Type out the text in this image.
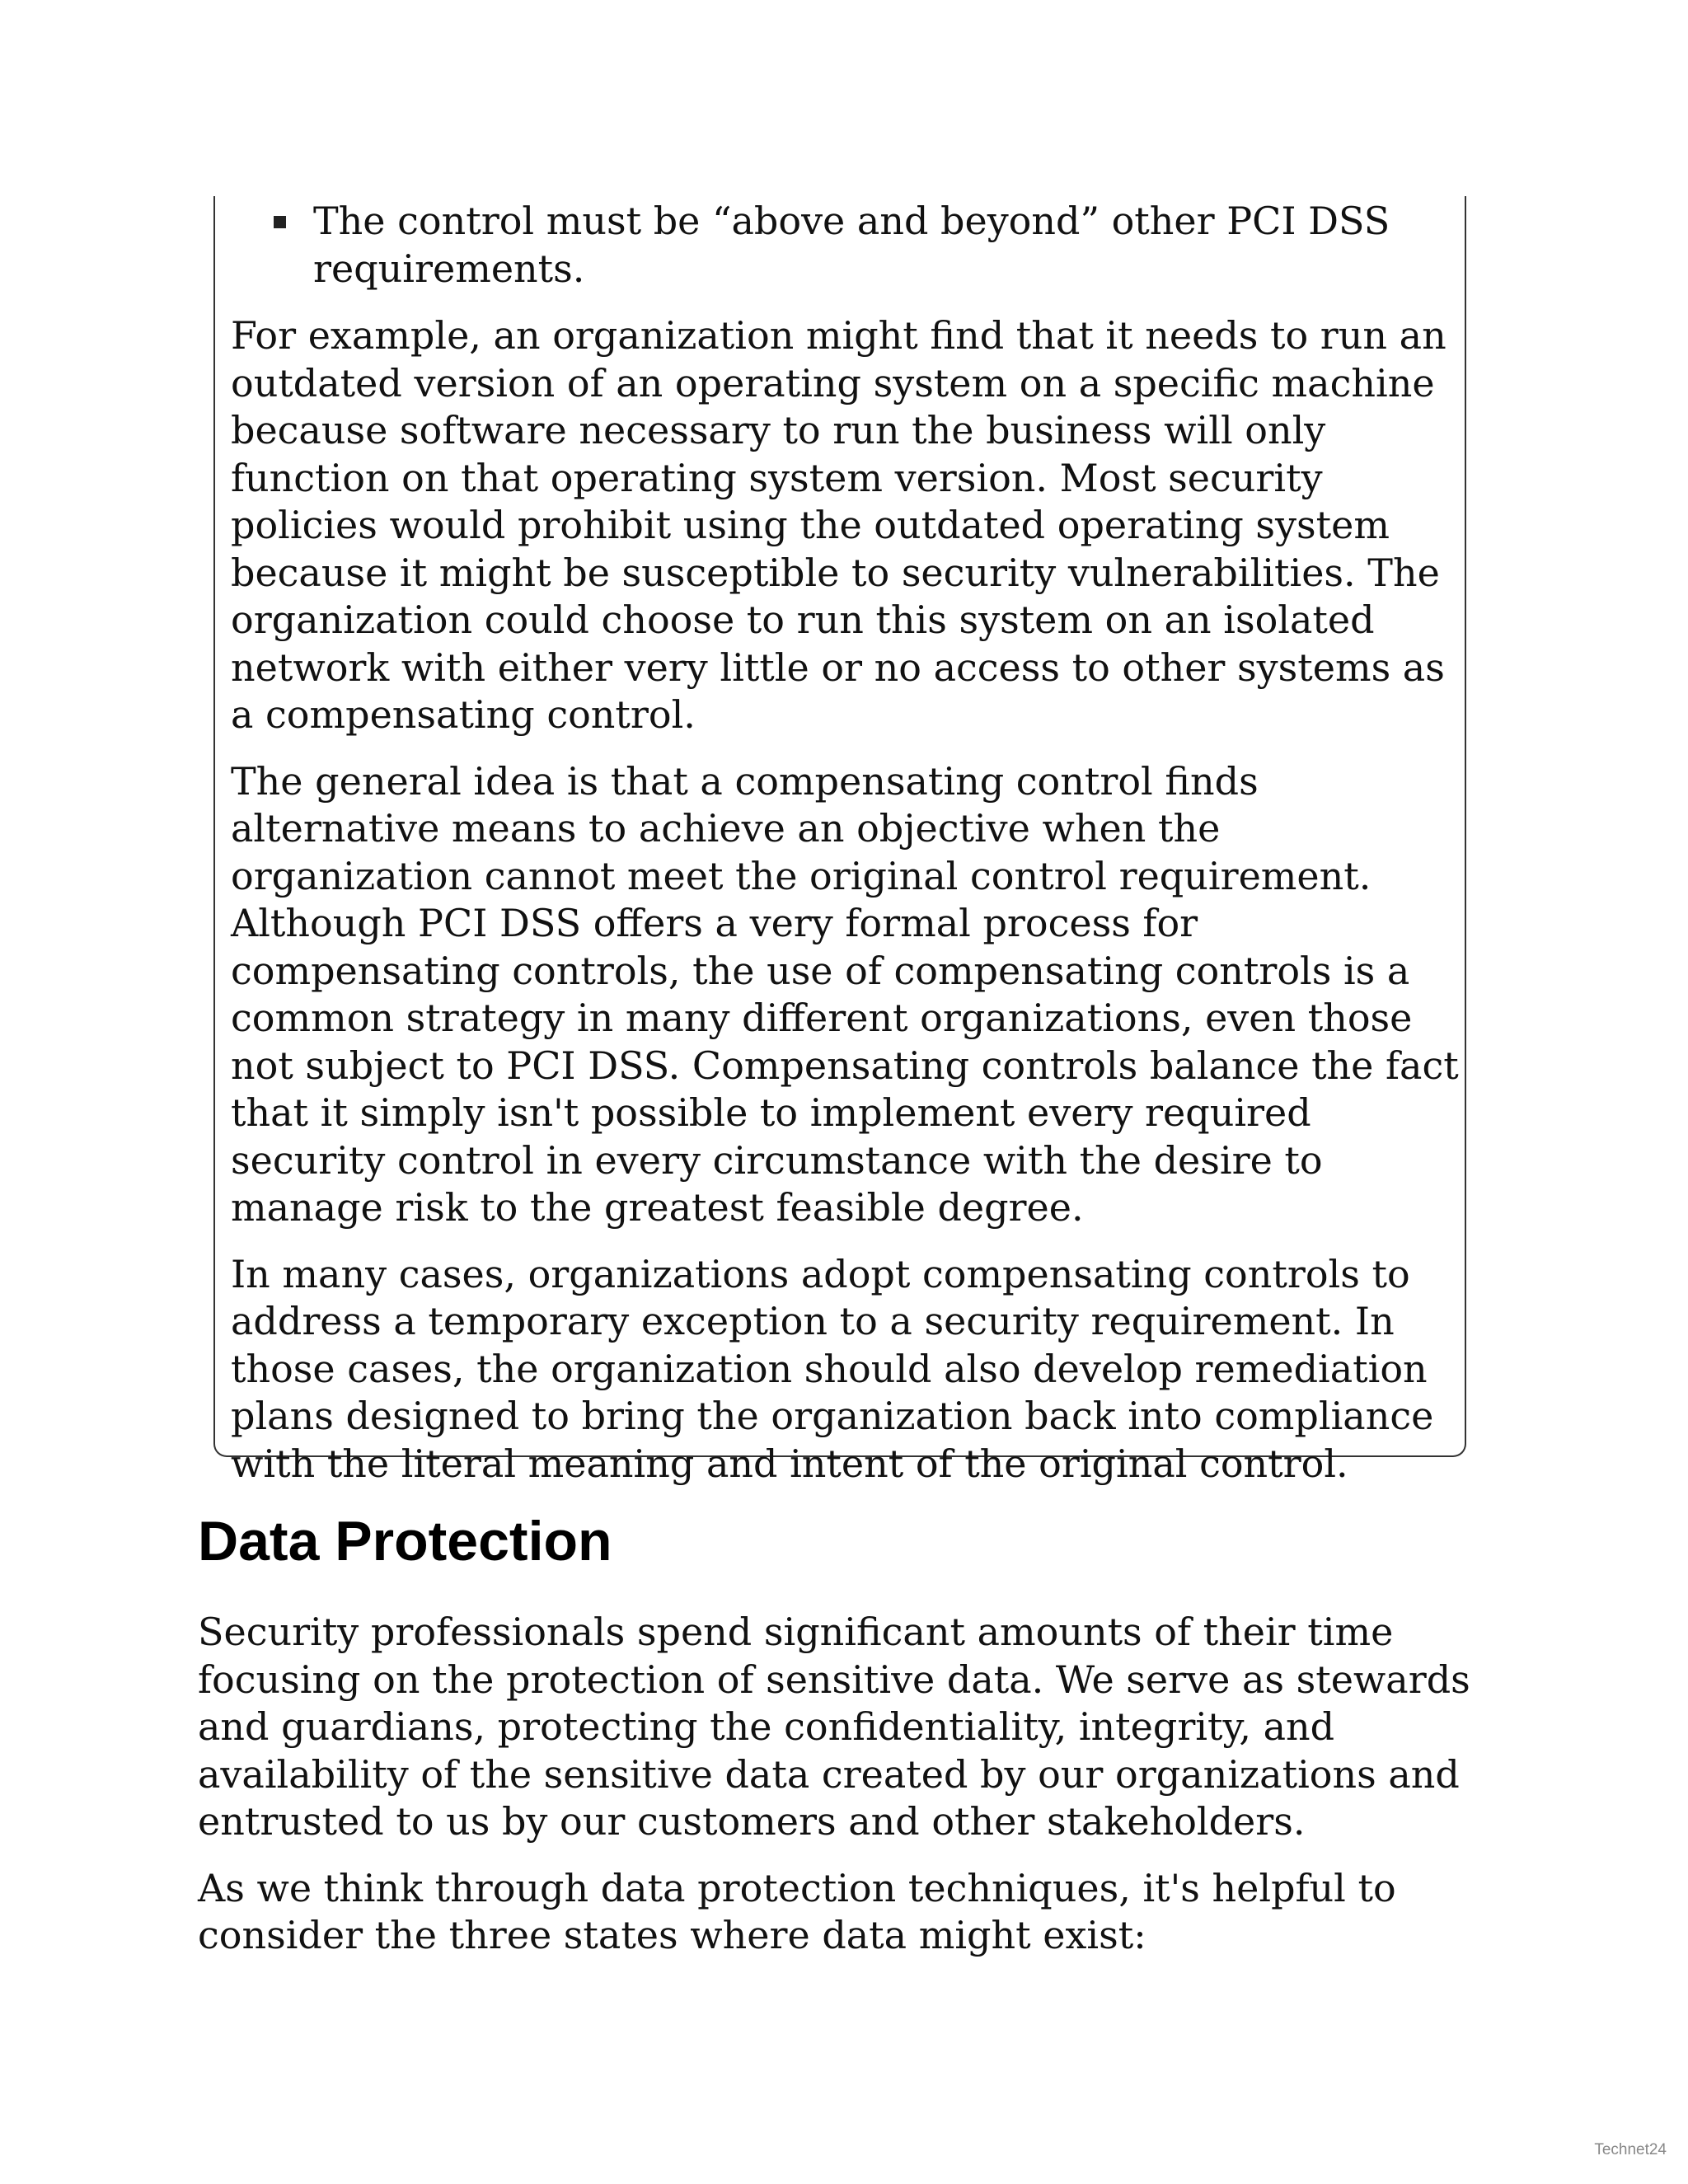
The control must be “above and beyond” other PCI DSS requirements.

For example, an organization might find that it needs to run an outdated version of an operating system on a specific machine because software necessary to run the business will only function on that operating system version. Most security policies would prohibit using the outdated operating system because it might be susceptible to security vulnerabilities. The organization could choose to run this system on an isolated network with either very little or no access to other systems as a compensating control.

The general idea is that a compensating control finds alternative means to achieve an objective when the organization cannot meet the original control requirement. Although PCI DSS offers a very formal process for compensating controls, the use of compensating controls is a common strategy in many different organizations, even those not subject to PCI DSS. Compensating controls balance the fact that it simply isn't possible to implement every required security control in every circumstance with the desire to manage risk to the greatest feasible degree.

In many cases, organizations adopt compensating controls to address a temporary exception to a security requirement. In those cases, the organization should also develop remediation plans designed to bring the organization back into compliance with the literal meaning and intent of the original control.

Data Protection

Security professionals spend significant amounts of their time focusing on the protection of sensitive data. We serve as stewards and guardians, protecting the confidentiality, integrity, and availability of the sensitive data created by our organizations and entrusted to us by our customers and other stakeholders.

As we think through data protection techniques, it's helpful to consider the three states where data might exist:

Technet24
